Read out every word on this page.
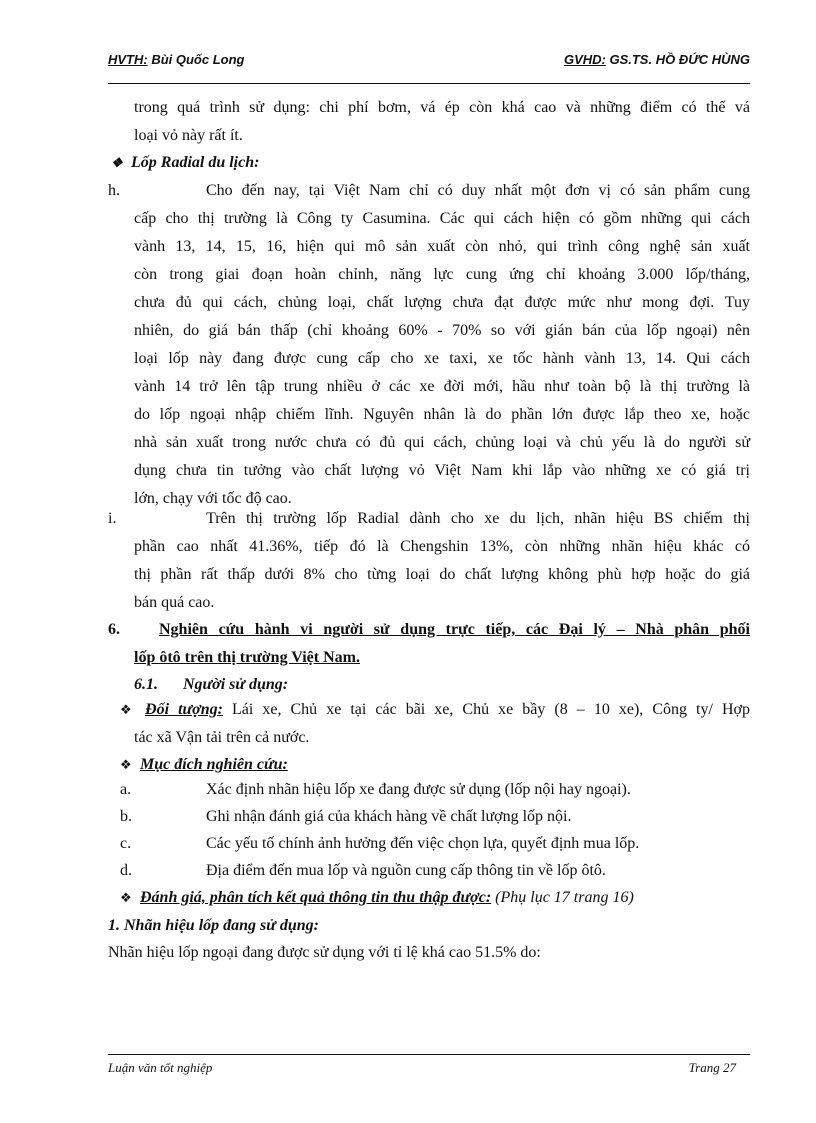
HVTH: Bùi Quốc Long	GVHD: GS.TS. HỒ ĐỨC HÙNG
trong quá trình sử dụng: chi phí bơm, vá ép còn khá cao và những điểm có thể vá
loại vỏ này rất ít.
❖ Lốp Radial du lịch:
h.	Cho đến nay, tại Việt Nam chỉ có duy nhất một đơn vị có sản phẩm cung
cấp cho thị trường là Công ty Casumina. Các qui cách hiện có gồm những qui cách
vành 13, 14, 15, 16, hiện qui mô sản xuất còn nhỏ, qui trình công nghệ sản xuất
còn trong giai đoạn hoàn chỉnh, năng lực cung ứng chỉ khoảng 3.000 lốp/tháng,
chưa đủ qui cách, chủng loại, chất lượng chưa đạt được mức như mong đợi. Tuy
nhiên, do giá bán thấp (chỉ khoảng 60% - 70% so với gián bán của lốp ngoại) nên
loại lốp này đang được cung cấp cho xe taxi, xe tốc hành vành 13, 14. Qui cách
vành 14 trở lên tập trung nhiều ở các xe đời mới, hầu như toàn bộ là thị trường là
do lốp ngoại nhập chiếm lĩnh. Nguyên nhân là do phần lớn được lắp theo xe, hoặc
nhà sản xuất trong nước chưa có đủ qui cách, chủng loại và chủ yếu là do người sử
dụng chưa tin tưởng vào chất lượng vỏ Việt Nam khi lắp vào những xe có giá trị
lớn, chạy với tốc độ cao.
i.	Trên thị trường lốp Radial dành cho xe du lịch, nhãn hiệu BS chiếm thị
phần cao nhất 41.36%, tiếp đó là Chengshin 13%, còn những nhãn hiệu khác có
thị phần rất thấp dưới 8% cho từng loại do chất lượng không phù hợp hoặc do giá
bán quá cao.
6. Nghiên cứu hành vi người sử dụng trực tiếp, các Đại lý – Nhà phân phối
lốp ôtô trên thị trường Việt Nam.
6.1. Người sử dụng:
❖ Đối tượng: Lái xe, Chủ xe tại các bãi xe, Chủ xe bầy (8 – 10 xe), Công ty/ Hợp
tác xã Vận tải trên cả nước.
❖ Mục đích nghiên cứu:
a.	Xác định nhãn hiệu lốp xe đang được sử dụng (lốp nội hay ngoại).
b.	Ghi nhận đánh giá của khách hàng về chất lượng lốp nội.
c.	Các yếu tố chính ảnh hưởng đến việc chọn lựa, quyết định mua lốp.
d.	Địa điểm đến mua lốp và nguồn cung cấp thông tin về lốp ôtô.
❖ Đánh giá, phân tích kết quả thông tin thu thập được: (Phụ lục 17 trang 16)
1. Nhãn hiệu lốp đang sử dụng:
Nhãn hiệu lốp ngoại đang được sử dụng với tỉ lệ khá cao 51.5% do:
Luận văn tốt nghiệp	Trang 27
